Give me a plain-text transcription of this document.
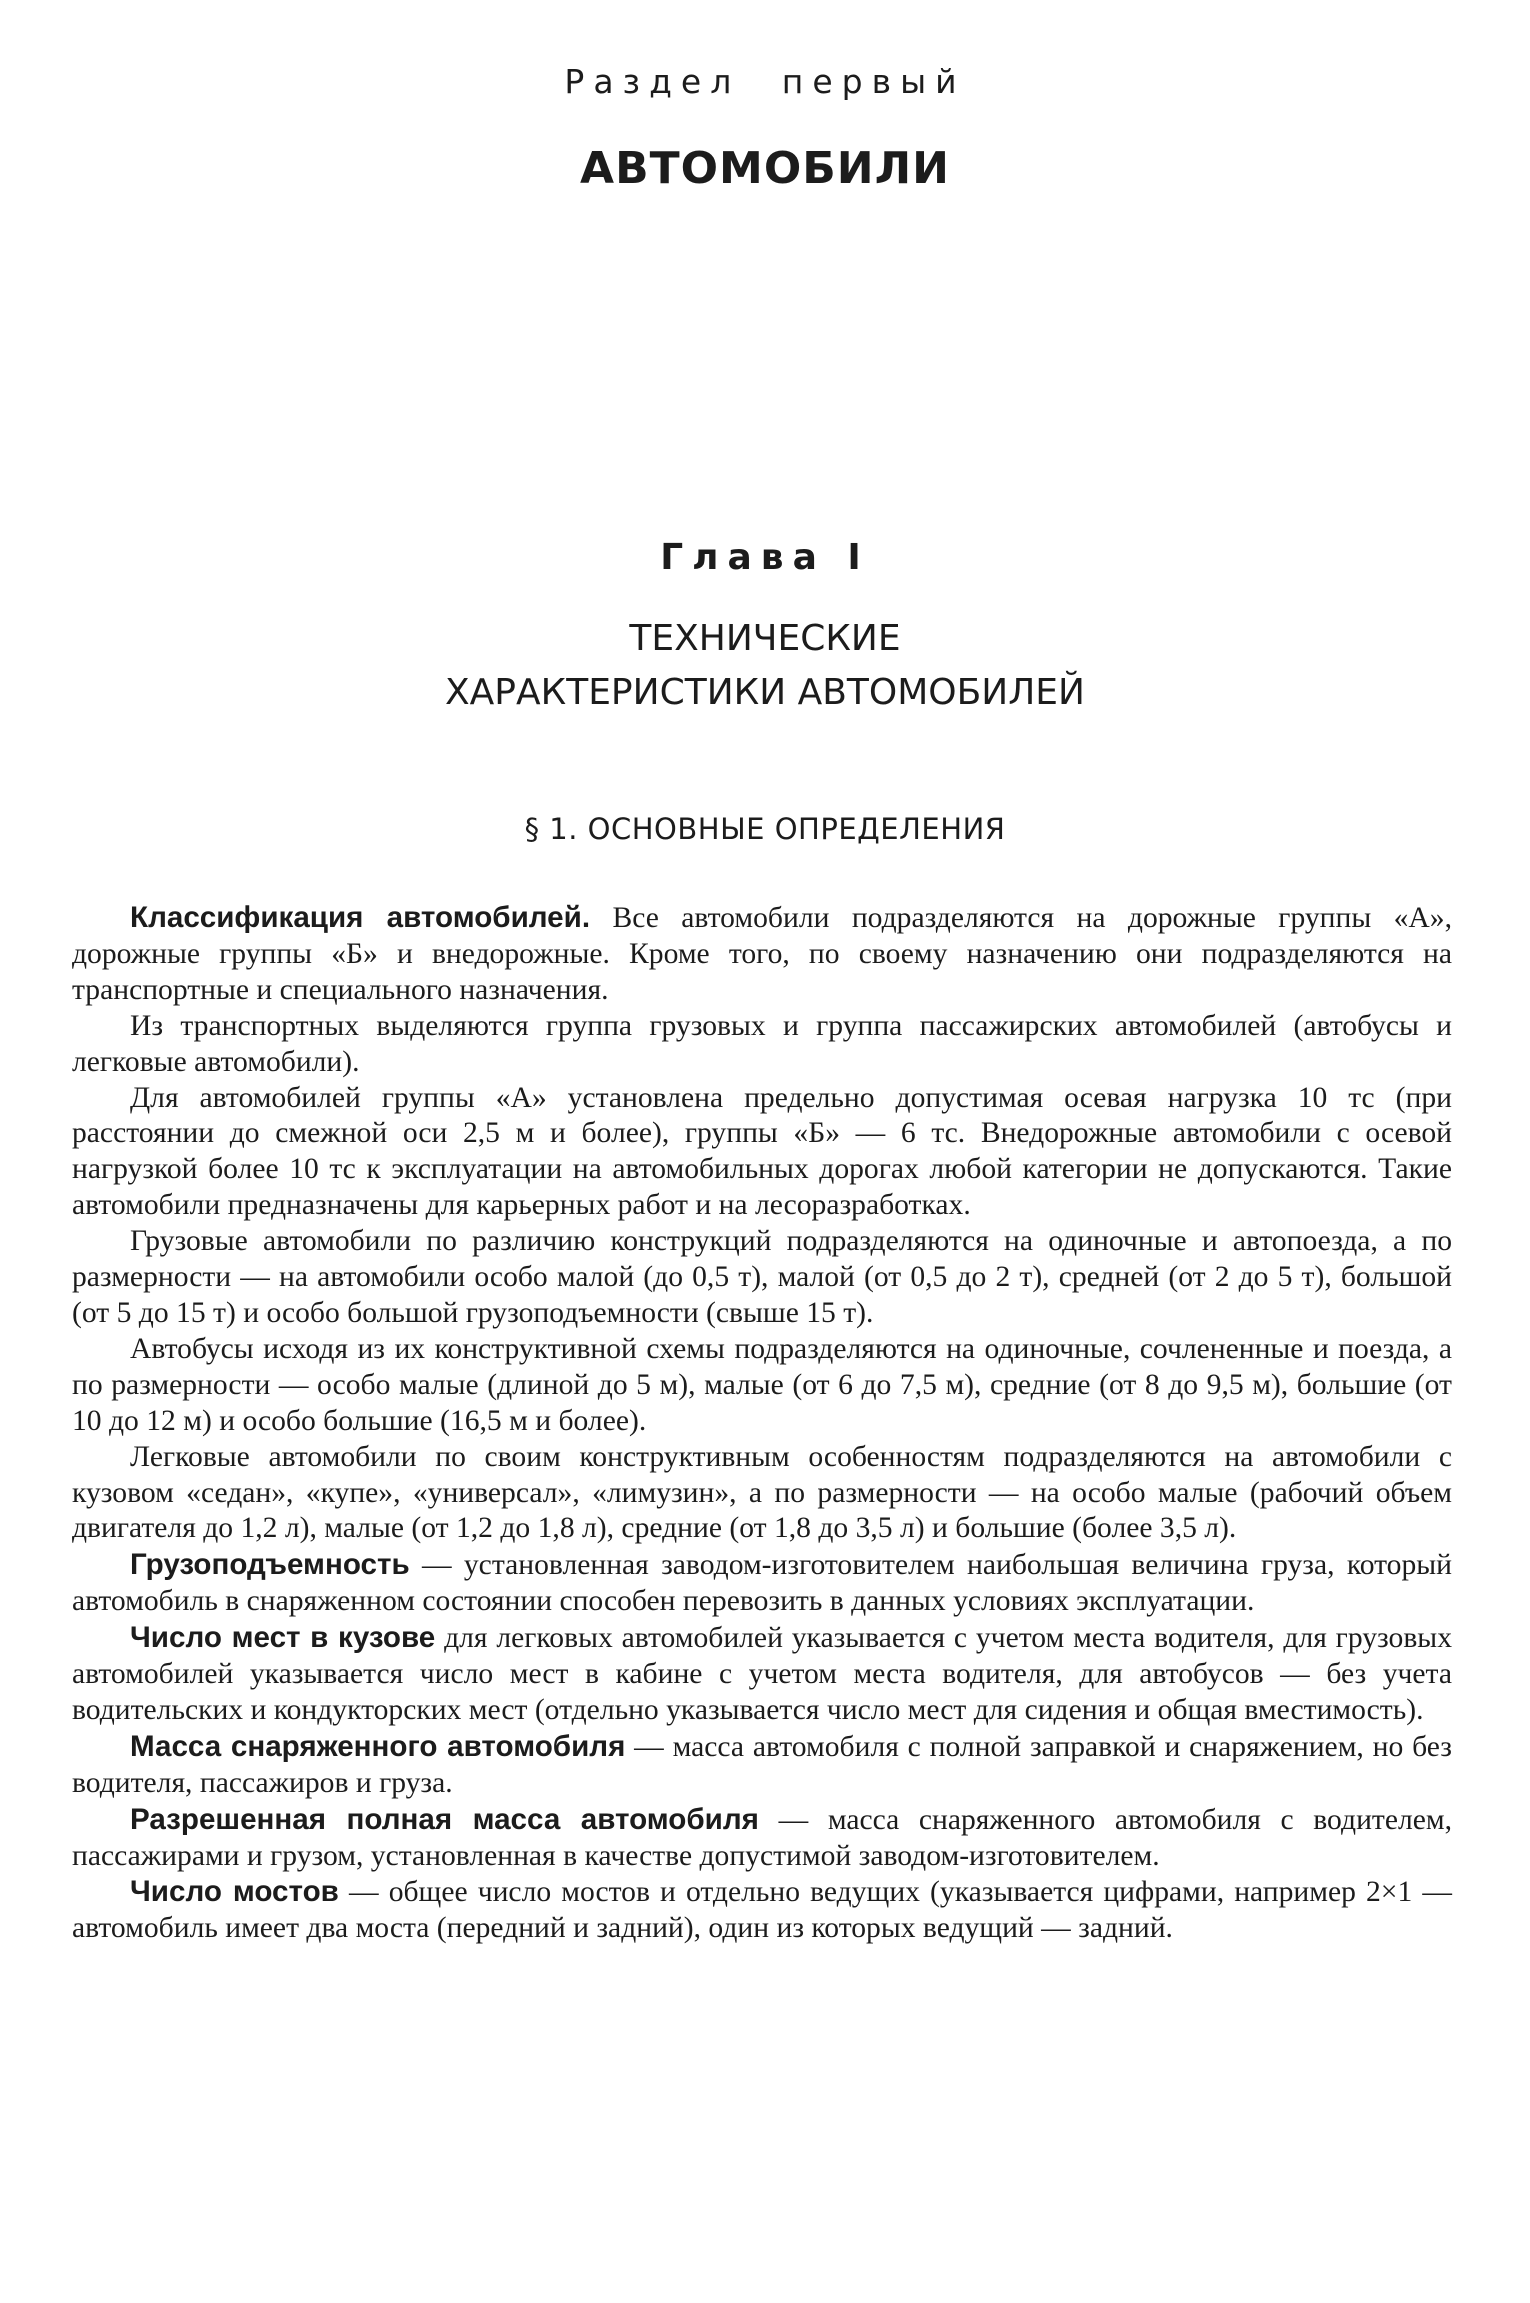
Раздел первый
АВТОМОБИЛИ
Глава I
ТЕХНИЧЕСКИЕ
ХАРАКТЕРИСТИКИ АВТОМОБИЛЕЙ
§ 1. ОСНОВНЫЕ ОПРЕДЕЛЕНИЯ

Классификация автомобилей. Все автомобили подразделяются на дорожные группы «А», дорожные группы «Б» и внедорожные. Кроме того, по своему назначению они подразделяются на транспортные и специального назначения.

Из транспортных выделяются группа грузовых и группа пассажирских автомобилей (автобусы и легковые автомобили).

Для автомобилей группы «А» установлена предельно допустимая осевая нагрузка 10 тс (при расстоянии до смежной оси 2,5 м и более), группы «Б» — 6 тс. Внедорожные автомобили с осевой нагрузкой более 10 тс к эксплуатации на автомобильных дорогах любой категории не допускаются. Такие автомобили предназначены для карьерных работ и на лесоразработках.

Грузовые автомобили по различию конструкций подразделяются на одиночные и автопоезда, а по размерности — на автомобили особо малой (до 0,5 т), малой (от 0,5 до 2 т), средней (от 2 до 5 т), большой (от 5 до 15 т) и особо большой грузоподъемности (свыше 15 т).

Автобусы исходя из их конструктивной схемы подразделяются на одиночные, сочлененные и поезда, а по размерности — особо малые (длиной до 5 м), малые (от 6 до 7,5 м), средние (от 8 до 9,5 м), большие (от 10 до 12 м) и особо большие (16,5 м и более).

Легковые автомобили по своим конструктивным особенностям подразделяются на автомобили с кузовом «седан», «купе», «универсал», «лимузин», а по размерности — на особо малые (рабочий объем двигателя до 1,2 л), малые (от 1,2 до 1,8 л), средние (от 1,8 до 3,5 л) и большие (более 3,5 л).

Грузоподъемность — установленная заводом-изготовителем наибольшая величина груза, который автомобиль в снаряженном состоянии способен перевозить в данных условиях эксплуатации.

Число мест в кузове для легковых автомобилей указывается с учетом места водителя, для грузовых автомобилей указывается число мест в кабине с учетом места водителя, для автобусов — без учета водительских и кондукторских мест (отдельно указывается число мест для сидения и общая вместимость).

Масса снаряженного автомобиля — масса автомобиля с полной заправкой и снаряжением, но без водителя, пассажиров и груза.

Разрешенная полная масса автомобиля — масса снаряженного автомобиля с водителем, пассажирами и грузом, установленная в качестве допустимой заводом-изготовителем.

Число мостов — общее число мостов и отдельно ведущих (указывается цифрами, например 2×1 — автомобиль имеет два моста (передний и задний), один из которых ведущий — задний.
